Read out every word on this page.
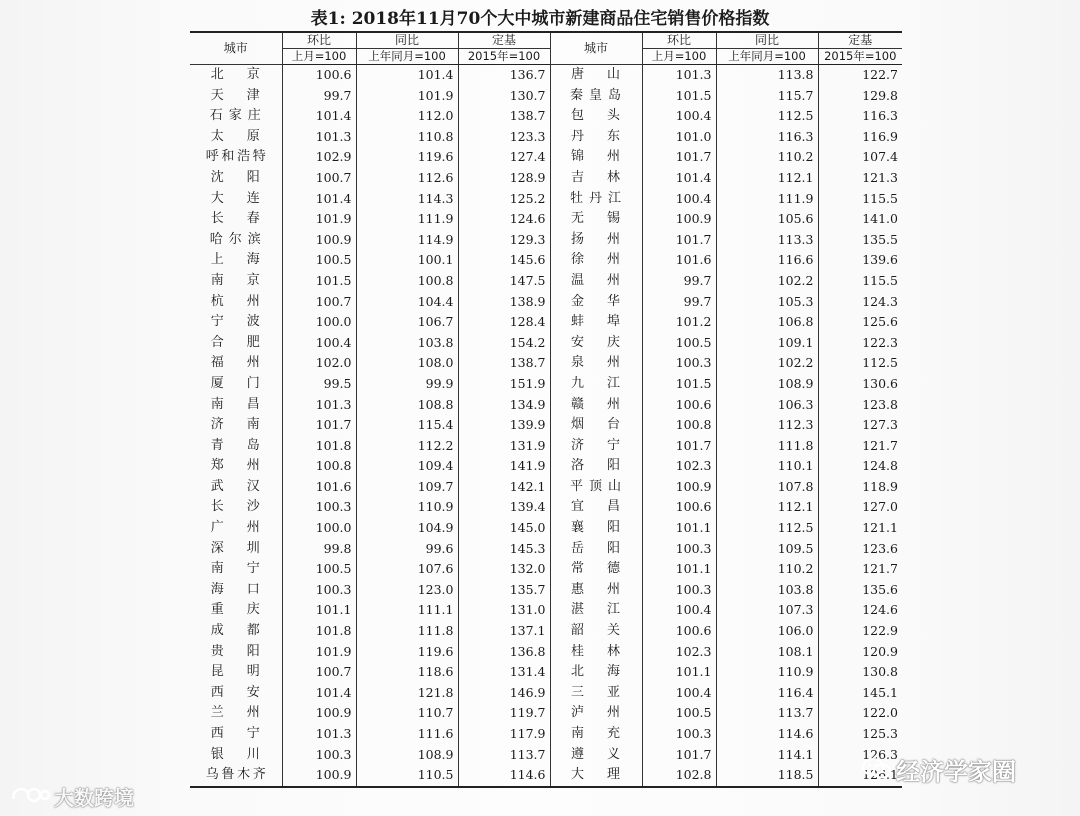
表1: 2018年11月70个大中城市新建商品住宅销售价格指数
城市	环比	同比	定基	城市	环比	同比	定基
	上月=100	上年同月=100	2015年=100		上月=100	上年同月=100	2015年=100
北京	100.6	101.4	136.7	唐山	101.3	113.8	122.7
天津	99.7	101.9	130.7	秦皇岛	101.5	115.7	129.8
石家庄	101.4	112.0	138.7	包头	100.4	112.5	116.3
太原	101.3	110.8	123.3	丹东	101.0	116.3	116.9
呼和浩特	102.9	119.6	127.4	锦州	101.7	110.2	107.4
沈阳	100.7	112.6	128.9	吉林	101.4	112.1	121.3
大连	101.4	114.3	125.2	牡丹江	100.4	111.9	115.5
长春	101.9	111.9	124.6	无锡	100.9	105.6	141.0
哈尔滨	100.9	114.9	129.3	扬州	101.7	113.3	135.5
上海	100.5	100.1	145.6	徐州	101.6	116.6	139.6
南京	101.5	100.8	147.5	温州	99.7	102.2	115.5
杭州	100.7	104.4	138.9	金华	99.7	105.3	124.3
宁波	100.0	106.7	128.4	蚌埠	101.2	106.8	125.6
合肥	100.4	103.8	154.2	安庆	100.5	109.1	122.3
福州	102.0	108.0	138.7	泉州	100.3	102.2	112.5
厦门	99.5	99.9	151.9	九江	101.5	108.9	130.6
南昌	101.3	108.8	134.9	赣州	100.6	106.3	123.8
济南	101.7	115.4	139.9	烟台	100.8	112.3	127.3
青岛	101.8	112.2	131.9	济宁	101.7	111.8	121.7
郑州	100.8	109.4	141.9	洛阳	102.3	110.1	124.8
武汉	101.6	109.7	142.1	平顶山	100.9	107.8	118.9
长沙	100.3	110.9	139.4	宜昌	100.6	112.1	127.0
广州	100.0	104.9	145.0	襄阳	101.1	112.5	121.1
深圳	99.8	99.6	145.3	岳阳	100.3	109.5	123.6
南宁	100.5	107.6	132.0	常德	101.1	110.2	121.7
海口	100.3	123.0	135.7	惠州	100.3	103.8	135.6
重庆	101.1	111.1	131.0	湛江	100.4	107.3	124.6
成都	101.8	111.8	137.1	韶关	100.6	106.0	122.9
贵阳	101.9	119.6	136.8	桂林	102.3	108.1	120.9
昆明	100.7	118.6	131.4	北海	101.1	110.9	130.8
西安	101.4	121.8	146.9	三亚	100.4	116.4	145.1
兰州	100.9	110.7	119.7	泸州	100.5	113.7	122.0
西宁	101.3	111.6	117.9	南充	100.3	114.6	125.3
银川	100.3	108.9	113.7	遵义	101.7	114.1	126.3
乌鲁木齐	100.9	110.5	114.6	大理	102.8	118.5	126.1
大数跨境
经济学家圈
